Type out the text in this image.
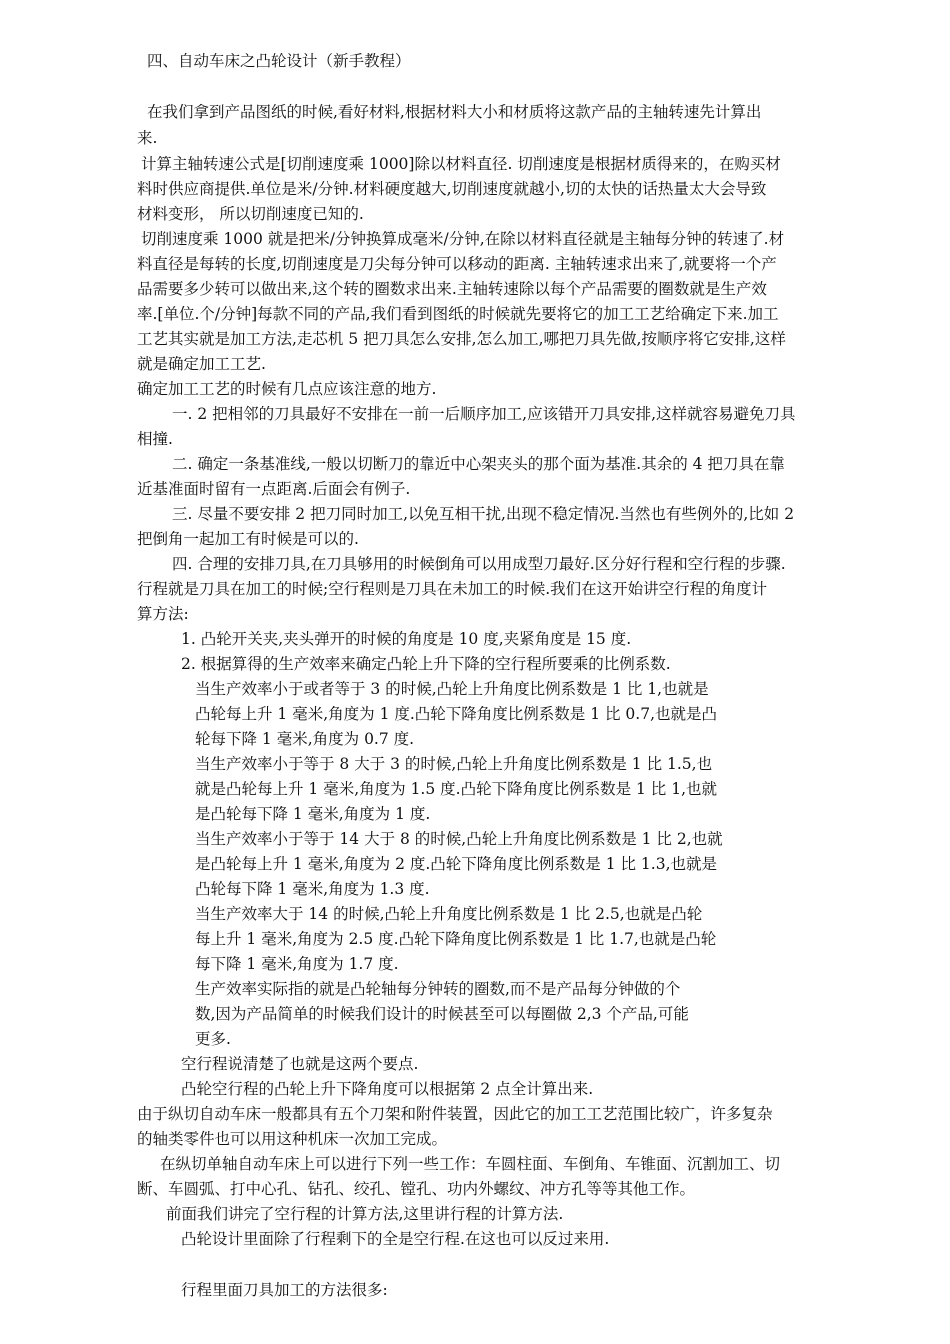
四、自动车床之凸轮设计（新手教程）
在我们拿到产品图纸的时候,看好材料,根据材料大小和材质将这款产品的主轴转速先计算出
来.
计算主轴转速公式是[切削速度乘 1000]除以材料直径. 切削速度是根据材质得来的，在购买材
料时供应商提供.单位是米/分钟.材料硬度越大,切削速度就越小,切的太快的话热量太大会导致
材料变形， 所以切削速度已知的.
切削速度乘 1000 就是把米/分钟换算成毫米/分钟,在除以材料直径就是主轴每分钟的转速了.材
料直径是每转的长度,切削速度是刀尖每分钟可以移动的距离. 主轴转速求出来了,就要将一个产
品需要多少转可以做出来,这个转的圈数求出来.主轴转速除以每个产品需要的圈数就是生产效
率.[单位.个/分钟]每款不同的产品,我们看到图纸的时候就先要将它的加工工艺给确定下来.加工
工艺其实就是加工方法,走芯机 5 把刀具怎么安排,怎么加工,哪把刀具先做,按顺序将它安排,这样
就是确定加工工艺.
确定加工工艺的时候有几点应该注意的地方.
一. 2 把相邻的刀具最好不安排在一前一后顺序加工,应该错开刀具安排,这样就容易避免刀具
相撞.
二. 确定一条基准线,一般以切断刀的靠近中心架夹头的那个面为基准.其余的 4 把刀具在靠
近基准面时留有一点距离.后面会有例子.
三. 尽量不要安排 2 把刀同时加工,以免互相干扰,出现不稳定情况.当然也有些例外的,比如 2
把倒角一起加工有时候是可以的.
四. 合理的安排刀具,在刀具够用的时候倒角可以用成型刀最好.区分好行程和空行程的步骤.
行程就是刀具在加工的时候;空行程则是刀具在未加工的时候.我们在这开始讲空行程的角度计
算方法:
1. 凸轮开关夹,夹头弹开的时候的角度是 10 度,夹紧角度是 15 度.
2. 根据算得的生产效率来确定凸轮上升下降的空行程所要乘的比例系数.
当生产效率小于或者等于 3 的时候,凸轮上升角度比例系数是 1 比 1,也就是
凸轮每上升 1 毫米,角度为 1 度.凸轮下降角度比例系数是 1 比 0.7,也就是凸
轮每下降 1 毫米,角度为 0.7 度.
当生产效率小于等于 8 大于 3 的时候,凸轮上升角度比例系数是 1 比 1.5,也
就是凸轮每上升 1 毫米,角度为 1.5 度.凸轮下降角度比例系数是 1 比 1,也就
是凸轮每下降 1 毫米,角度为 1 度.
当生产效率小于等于 14 大于 8 的时候,凸轮上升角度比例系数是 1 比 2,也就
是凸轮每上升 1 毫米,角度为 2 度.凸轮下降角度比例系数是 1 比 1.3,也就是
凸轮每下降 1 毫米,角度为 1.3 度.
当生产效率大于 14 的时候,凸轮上升角度比例系数是 1 比 2.5,也就是凸轮
每上升 1 毫米,角度为 2.5 度.凸轮下降角度比例系数是 1 比 1.7,也就是凸轮
每下降 1 毫米,角度为 1.7 度.
生产效率实际指的就是凸轮轴每分钟转的圈数,而不是产品每分钟做的个
数,因为产品简单的时候我们设计的时候甚至可以每圈做 2,3 个产品,可能
更多.
空行程说清楚了也就是这两个要点.
凸轮空行程的凸轮上升下降角度可以根据第 2 点全计算出来.
由于纵切自动车床一般都具有五个刀架和附件装置，因此它的加工工艺范围比较广，许多复杂
的轴类零件也可以用这种机床一次加工完成。
在纵切单轴自动车床上可以进行下列一些工作：车圆柱面、车倒角、车锥面、沉割加工、切
断、车圆弧、打中心孔、钻孔、绞孔、镗孔、功内外螺纹、冲方孔等等其他工作。
前面我们讲完了空行程的计算方法,这里讲行程的计算方法.
凸轮设计里面除了行程剩下的全是空行程.在这也可以反过来用.
行程里面刀具加工的方法很多:
